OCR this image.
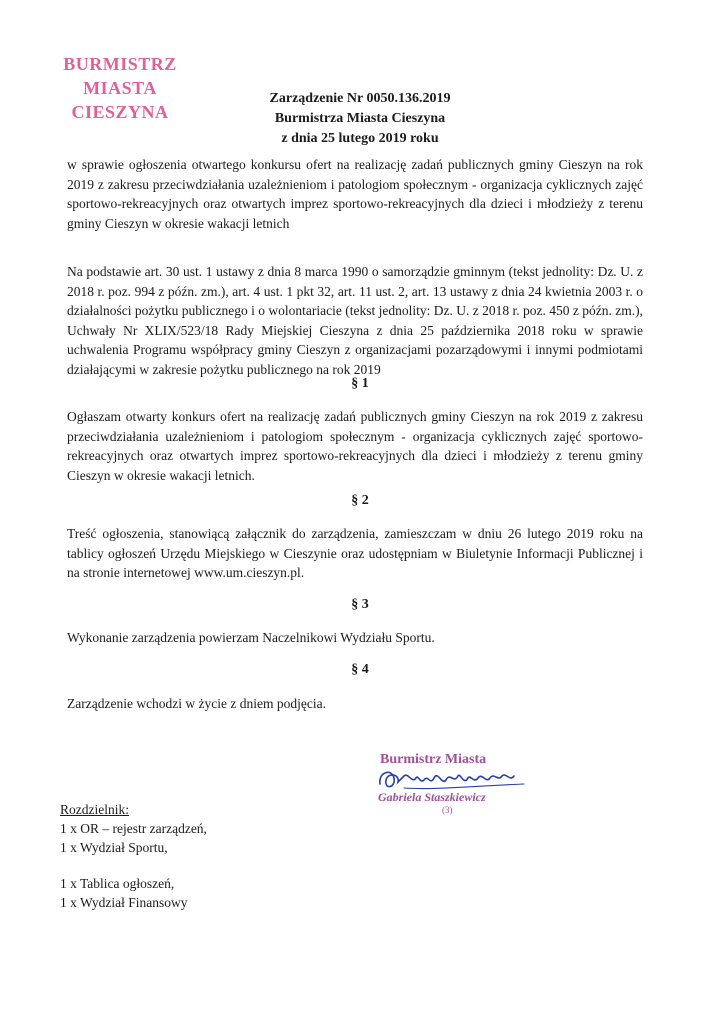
BURMISTRZ MIASTA
CIESZYNA
Zarządzenie Nr 0050.136.2019
Burmistrza Miasta Cieszyna
z dnia 25 lutego 2019 roku

w sprawie ogłoszenia otwartego konkursu ofert na realizację zadań publicznych gminy Cieszyn na rok 2019 z zakresu przeciwdziałania uzależnieniom i patologiom społecznym - organizacja cyklicznych zajęć sportowo-rekreacyjnych oraz otwartych imprez sportowo-rekreacyjnych dla dzieci i młodzieży z terenu gminy Cieszyn w okresie wakacji letnich

Na podstawie art. 30 ust. 1 ustawy z dnia 8 marca 1990 o samorządzie gminnym (tekst jednolity: Dz. U. z 2018 r. poz. 994 z późn. zm.), art. 4 ust. 1 pkt 32, art. 11 ust. 2, art. 13 ustawy z dnia 24 kwietnia 2003 r. o działalności pożytku publicznego i o wolontariacie (tekst jednolity: Dz. U. z 2018 r. poz. 450 z późn. zm.), Uchwały Nr XLIX/523/18 Rady Miejskiej Cieszyna z dnia 25 października 2018 roku w sprawie uchwalenia Programu współpracy gminy Cieszyn z organizacjami pozarządowymi i innymi podmiotami działającymi w zakresie pożytku publicznego na rok 2019

§ 1

Ogłaszam otwarty konkurs ofert na realizację zadań publicznych gminy Cieszyn na rok 2019 z zakresu przeciwdziałania uzależnieniom i patologiom społecznym - organizacja cyklicznych zajęć sportowo-rekreacyjnych oraz otwartych imprez sportowo-rekreacyjnych dla dzieci i młodzieży z terenu gminy Cieszyn w okresie wakacji letnich.

§ 2

Treść ogłoszenia, stanowiącą załącznik do zarządzenia, zamieszczam w dniu 26 lutego 2019 roku na tablicy ogłoszeń Urzędu Miejskiego w Cieszynie oraz udostępniam w Biuletynie Informacji Publicznej i na stronie internetowej www.um.cieszyn.pl.

§ 3

Wykonanie zarządzenia powierzam Naczelnikowi Wydziału Sportu.

§ 4

Zarządzenie wchodzi w życie z dniem podjęcia.

Burmistrz Miasta
Gabriela Staszkiewicz
(3)
Rozdzielnik:
1 x OR – rejestr zarządzeń,
1 x Wydział Sportu,
1 x Tablica ogłoszeń,
1 x Wydział Finansowy
